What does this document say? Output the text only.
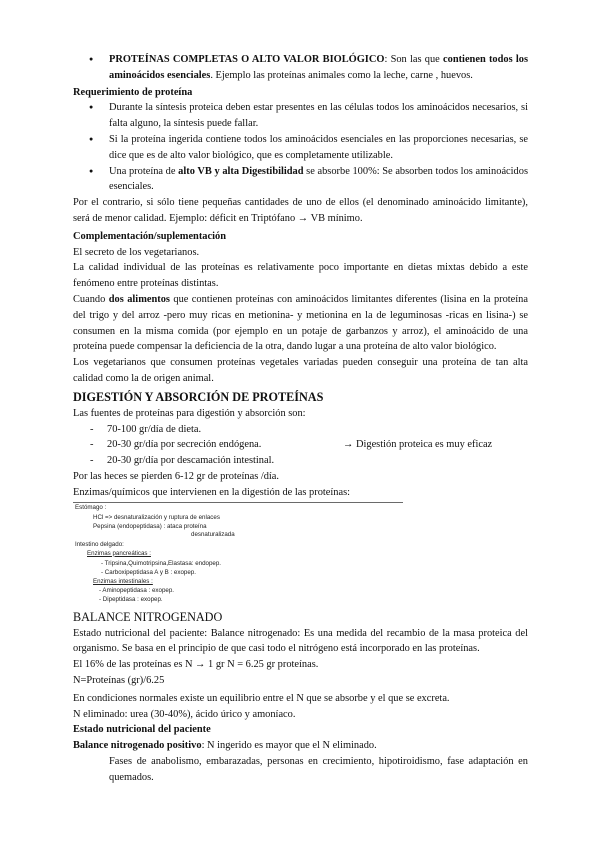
● PROTEÍNAS COMPLETAS O ALTO VALOR BIOLÓGICO: Son las que contienen todos los aminoácidos esenciales. Ejemplo las proteínas animales como la leche, carne , huevos.

Requerimiento de proteína

● Durante la síntesis proteica deben estar presentes en las células todos los aminoácidos necesarios, si falta alguno, la síntesis puede fallar.

● Si la proteína ingerida contiene todos los aminoácidos esenciales en las proporciones necesarias, se dice que es de alto valor biológico, que es completamente utilizable.

● Una proteína de alto VB y alta Digestibilidad se absorbe 100%: Se absorben todos los aminoácidos esenciales.

Por el contrario, si sólo tiene pequeñas cantidades de uno de ellos (el denominado aminoácido limitante), será de menor calidad. Ejemplo: déficit en Triptófano → VB mínimo.

Complementación/suplementación

El secreto de los vegetarianos.

La calidad individual de las proteínas es relativamente poco importante en dietas mixtas debido a este fenómeno entre proteínas distintas.

Cuando dos alimentos que contienen proteínas con aminoácidos limitantes diferentes (lisina en la proteína del trigo y del arroz -pero muy ricas en metionina- y metionina en la de leguminosas -ricas en lisina-) se consumen en la misma comida (por ejemplo en un potaje de garbanzos y arroz), el aminoácido de una proteína puede compensar la deficiencia de la otra, dando lugar a una proteína de alto valor biológico.

Los vegetarianos que consumen proteínas vegetales variadas pueden conseguir una proteína de tan alta calidad como la de origen animal.

DIGESTIÓN Y ABSORCIÓN DE PROTEÍNAS

Las fuentes de proteínas para digestión y absorción son:

- 70-100 gr/día de dieta.

- 20-30 gr/día por secreción endógena.	→ Digestión proteica es muy eficaz

- 20-30 gr/día por descamación intestinal.

Por las heces se pierden 6-12 gr de proteínas /día.

Enzimas/químicos que intervienen en la digestión de las proteínas:

Estómago :
HCl => desnaturalización y ruptura de enlaces
Pepsina (endopeptidasa) : ataca proteína
desnaturalizada
Intestino delgado:
Enzimas pancreáticas :
- Tripsina,Quimotripsina,Elastasa: endopep.
- Carboxipeptidasa A y B : exopep.
Enzimas intestinales :
- Aminopeptidasa : exopep.
- Dipeptidasa : exopep.

BALANCE NITROGENADO

Estado nutricional del paciente: Balance nitrogenado: Es una medida del recambio de la masa proteica del organismo. Se basa en el principio de que casi todo el nitrógeno está incorporado en las proteínas.

El 16% de las proteínas es N → 1 gr N = 6.25 gr proteínas.

N=Proteínas (gr)/6.25

En condiciones normales existe un equilibrio entre el N que se absorbe y el que se excreta.

N eliminado: urea (30-40%), ácido úrico y amoníaco.

Estado nutricional del paciente

Balance nitrogenado positivo: N ingerido es mayor que el N eliminado.

Fases de anabolismo, embarazadas, personas en crecimiento, hipotiroidismo, fase adaptación en quemados.
